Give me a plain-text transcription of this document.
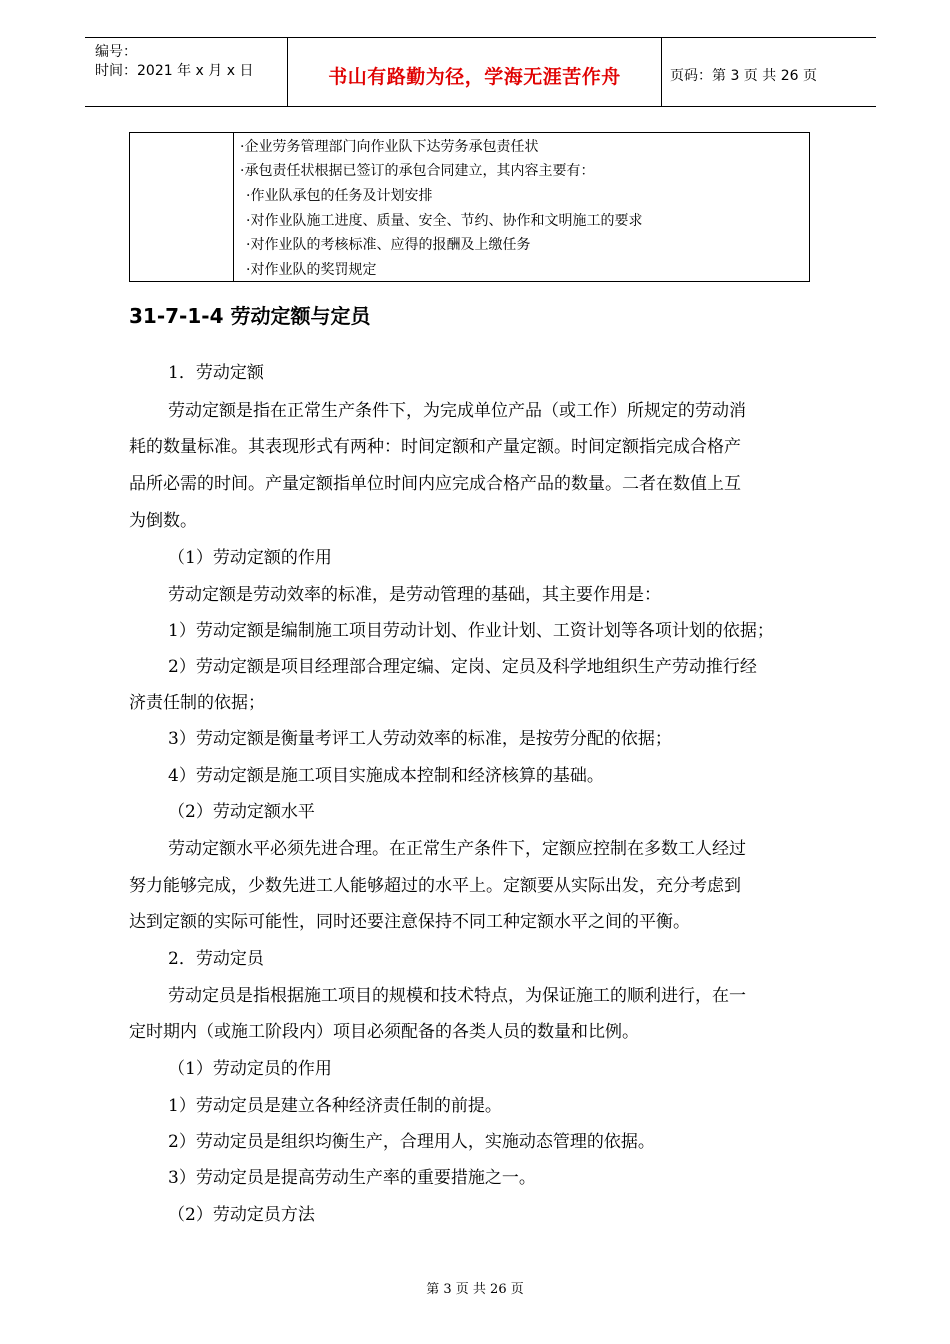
编号：
时间：2021 年 x 月 x 日	书山有路勤为径，学海无涯苦作舟	页码：第 3 页 共 26 页
·企业劳务管理部门向作业队下达劳务承包责任状
·承包责任状根据已签订的承包合同建立，其内容主要有：
·作业队承包的任务及计划安排
·对作业队施工进度、质量、安全、节约、协作和文明施工的要求
·对作业队的考核标准、应得的报酬及上缴任务
·对作业队的奖罚规定
31-7-1-4 劳动定额与定员
1．劳动定额
劳动定额是指在正常生产条件下，为完成单位产品（或工作）所规定的劳动消
耗的数量标准。其表现形式有两种：时间定额和产量定额。时间定额指完成合格产
品所必需的时间。产量定额指单位时间内应完成合格产品的数量。二者在数值上互
为倒数。
（1）劳动定额的作用
劳动定额是劳动效率的标准，是劳动管理的基础，其主要作用是：
1）劳动定额是编制施工项目劳动计划、作业计划、工资计划等各项计划的依据；
2）劳动定额是项目经理部合理定编、定岗、定员及科学地组织生产劳动推行经
济责任制的依据；
3）劳动定额是衡量考评工人劳动效率的标准，是按劳分配的依据；
4）劳动定额是施工项目实施成本控制和经济核算的基础。
（2）劳动定额水平
劳动定额水平必须先进合理。在正常生产条件下，定额应控制在多数工人经过
努力能够完成，少数先进工人能够超过的水平上。定额要从实际出发，充分考虑到
达到定额的实际可能性，同时还要注意保持不同工种定额水平之间的平衡。
2．劳动定员
劳动定员是指根据施工项目的规模和技术特点，为保证施工的顺利进行，在一
定时期内（或施工阶段内）项目必须配备的各类人员的数量和比例。
（1）劳动定员的作用
1）劳动定员是建立各种经济责任制的前提。
2）劳动定员是组织均衡生产，合理用人，实施动态管理的依据。
3）劳动定员是提高劳动生产率的重要措施之一。
（2）劳动定员方法
第 3 页 共 26 页
